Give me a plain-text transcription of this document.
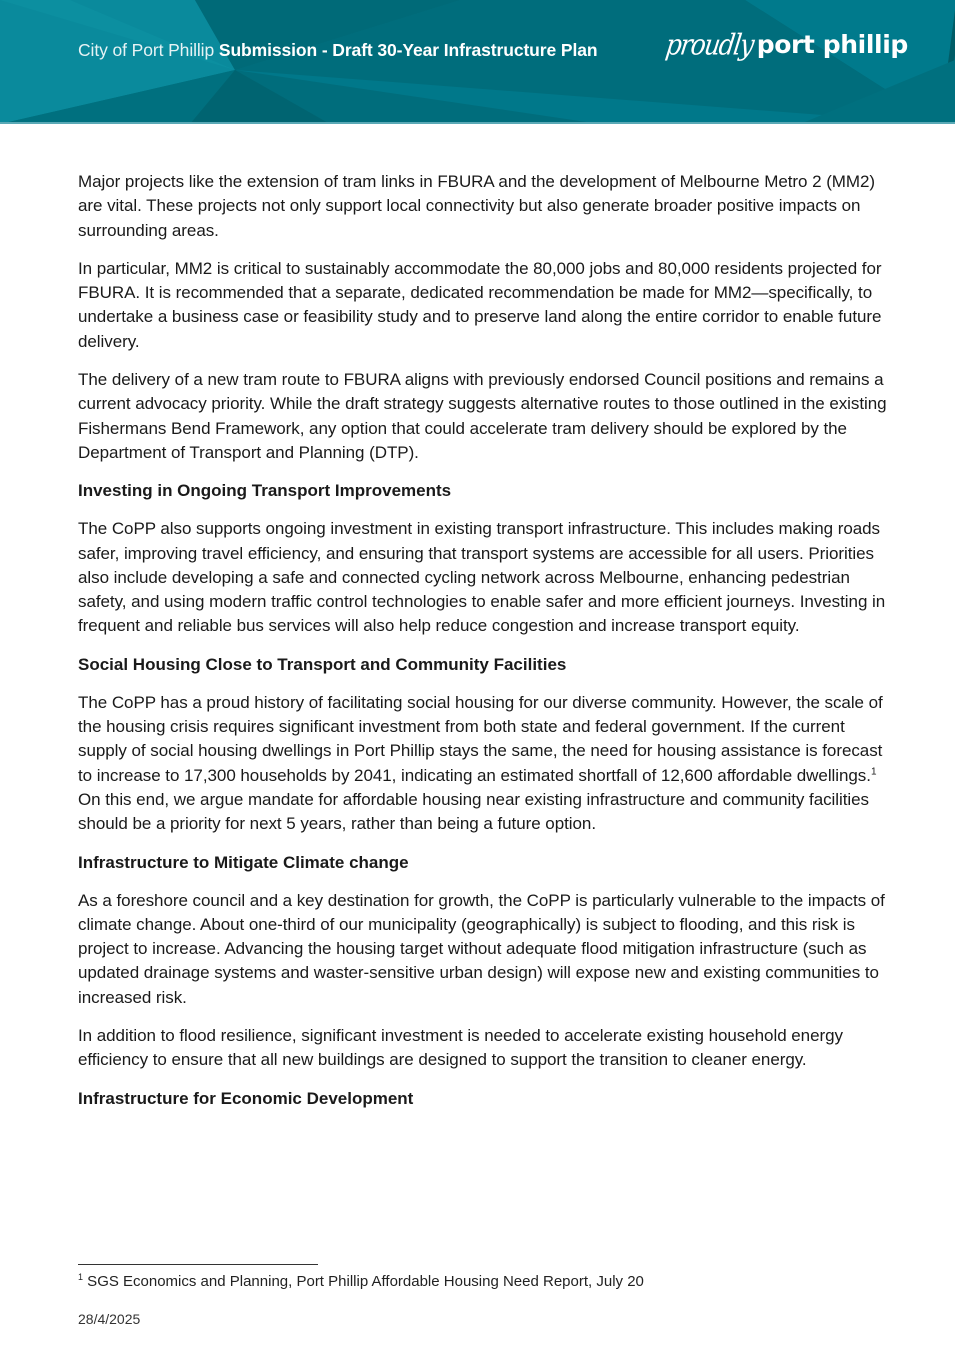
City of Port Phillip Submission - Draft 30-Year Infrastructure Plan	proudlyport phillip

Major projects like the extension of tram links in FBURA and the development of Melbourne Metro 2 (MM2) are vital. These projects not only support local connectivity but also generate broader positive impacts on surrounding areas.

In particular, MM2 is critical to sustainably accommodate the 80,000 jobs and 80,000 residents projected for FBURA. It is recommended that a separate, dedicated recommendation be made for MM2—specifically, to undertake a business case or feasibility study and to preserve land along the entire corridor to enable future delivery.

The delivery of a new tram route to FBURA aligns with previously endorsed Council positions and remains a current advocacy priority. While the draft strategy suggests alternative routes to those outlined in the existing Fishermans Bend Framework, any option that could accelerate tram delivery should be explored by the Department of Transport and Planning (DTP).

Investing in Ongoing Transport Improvements

The CoPP also supports ongoing investment in existing transport infrastructure. This includes making roads safer, improving travel efficiency, and ensuring that transport systems are accessible for all users. Priorities also include developing a safe and connected cycling network across Melbourne, enhancing pedestrian safety, and using modern traffic control technologies to enable safer and more efficient journeys. Investing in frequent and reliable bus services will also help reduce congestion and increase transport equity.

Social Housing Close to Transport and Community Facilities

The CoPP has a proud history of facilitating social housing for our diverse community. However, the scale of the housing crisis requires significant investment from both state and federal government. If the current supply of social housing dwellings in Port Phillip stays the same, the need for housing assistance is forecast to increase to 17,300 households by 2041, indicating an estimated shortfall of 12,600 affordable dwellings.$^1$ On this end, we argue mandate for affordable housing near existing infrastructure and community facilities should be a priority for next 5 years, rather than being a future option.

Infrastructure to Mitigate Climate change

As a foreshore council and a key destination for growth, the CoPP is particularly vulnerable to the impacts of climate change. About one-third of our municipality (geographically) is subject to flooding, and this risk is project to increase. Advancing the housing target without adequate flood mitigation infrastructure (such as updated drainage systems and waster-sensitive urban design) will expose new and existing communities to increased risk.

In addition to flood resilience, significant investment is needed to accelerate existing household energy efficiency to ensure that all new buildings are designed to support the transition to cleaner energy.

Infrastructure for Economic Development
$^1$ SGS Economics and Planning, Port Phillip Affordable Housing Need Report, July 20
28/4/2025
